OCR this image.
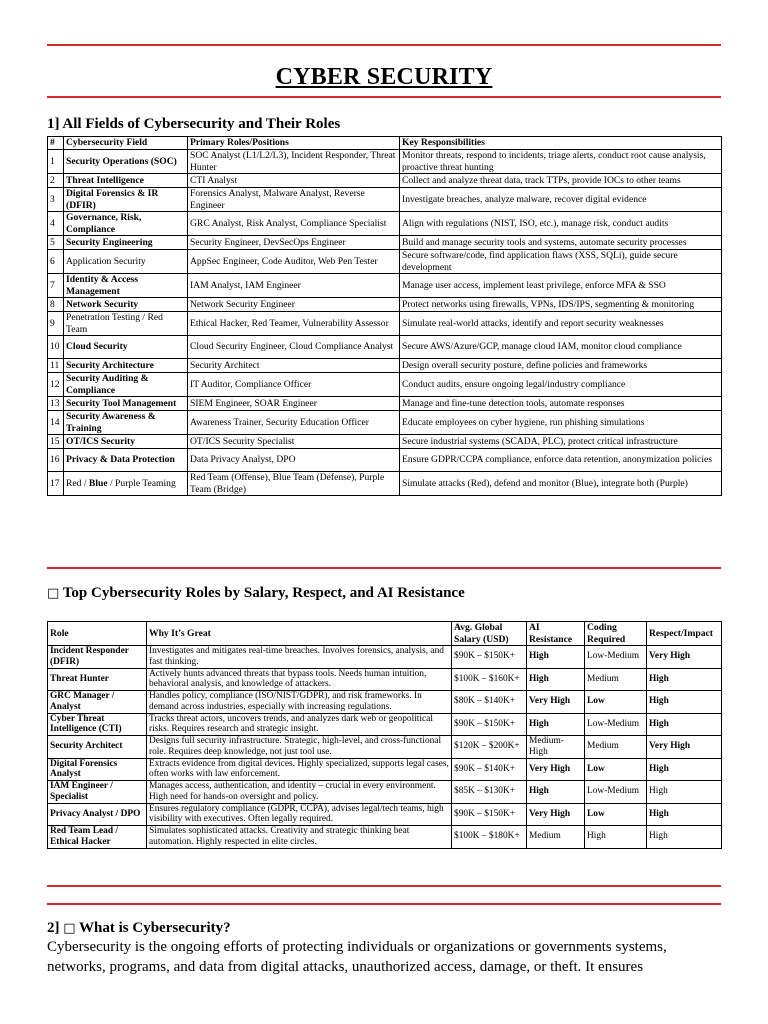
CYBER SECURITY
1] All Fields of Cybersecurity and Their Roles
#	Cybersecurity Field	Primary Roles/Positions	Key Responsibilities
1	Security Operations (SOC)	SOC Analyst (L1/L2/L3), Incident Responder, Threat Hunter	Monitor threats, respond to incidents, triage alerts, conduct root cause analysis, proactive threat hunting
2	Threat Intelligence	CTI Analyst	Collect and analyze threat data, track TTPs, provide IOCs to other teams
3	Digital Forensics & IR (DFIR)	Forensics Analyst, Malware Analyst, Reverse Engineer	Investigate breaches, analyze malware, recover digital evidence
4	Governance, Risk, Compliance	GRC Analyst, Risk Analyst, Compliance Specialist	Align with regulations (NIST, ISO, etc.), manage risk, conduct audits
5	Security Engineering	Security Engineer, DevSecOps Engineer	Build and manage security tools and systems, automate security processes
6	Application Security	AppSec Engineer, Code Auditor, Web Pen Tester	Secure software/code, find application flaws (XSS, SQLi), guide secure development
7	Identity & Access Management	IAM Analyst, IAM Engineer	Manage user access, implement least privilege, enforce MFA & SSO
8	Network Security	Network Security Engineer	Protect networks using firewalls, VPNs, IDS/IPS, segmenting & monitoring
9	Penetration Testing / Red Team	Ethical Hacker, Red Teamer, Vulnerability Assessor	Simulate real-world attacks, identify and report security weaknesses
10	Cloud Security	Cloud Security Engineer, Cloud Compliance Analyst	Secure AWS/Azure/GCP, manage cloud IAM, monitor cloud compliance
11	Security Architecture	Security Architect	Design overall security posture, define policies and frameworks
12	Security Auditing & Compliance	IT Auditor, Compliance Officer	Conduct audits, ensure ongoing legal/industry compliance
13	Security Tool Management	SIEM Engineer, SOAR Engineer	Manage and fine-tune detection tools, automate responses
14	Security Awareness & Training	Awareness Trainer, Security Education Officer	Educate employees on cyber hygiene, run phishing simulations
15	OT/ICS Security	OT/ICS Security Specialist	Secure industrial systems (SCADA, PLC), protect critical infrastructure
16	Privacy & Data Protection	Data Privacy Analyst, DPO	Ensure GDPR/CCPA compliance, enforce data retention, anonymization policies
17	Red / Blue / Purple Teaming	Red Team (Offense), Blue Team (Defense), Purple Team (Bridge)	Simulate attacks (Red), defend and monitor (Blue), integrate both (Purple)
□ Top Cybersecurity Roles by Salary, Respect, and AI Resistance
Role	Why It’s Great	Avg. Global Salary (USD)	AI Resistance	Coding Required	Respect/Impact
Incident Responder (DFIR)	Investigates and mitigates real-time breaches. Involves forensics, analysis, and fast thinking.	$90K – $150K+	High	Low-Medium	Very High
Threat Hunter	Actively hunts advanced threats that bypass tools. Needs human intuition, behavioral analysis, and knowledge of attackers.	$100K – $160K+	High	Medium	High
GRC Manager / Analyst	Handles policy, compliance (ISO/NIST/GDPR), and risk frameworks. In demand across industries, especially with increasing regulations.	$80K – $140K+	Very High	Low	High
Cyber Threat Intelligence (CTI)	Tracks threat actors, uncovers trends, and analyzes dark web or geopolitical risks. Requires research and strategic insight.	$90K – $150K+	High	Low-Medium	High
Security Architect	Designs full security infrastructure. Strategic, high-level, and cross-functional role. Requires deep knowledge, not just tool use.	$120K – $200K+	Medium-High	Medium	Very High
Digital Forensics Analyst	Extracts evidence from digital devices. Highly specialized, supports legal cases, often works with law enforcement.	$90K – $140K+	Very High	Low	High
IAM Engineer / Specialist	Manages access, authentication, and identity – crucial in every environment. High need for hands-on oversight and policy.	$85K – $130K+	High	Low-Medium	High
Privacy Analyst / DPO	Ensures regulatory compliance (GDPR, CCPA), advises legal/tech teams, high visibility with executives. Often legally required.	$90K – $150K+	Very High	Low	High
Red Team Lead / Ethical Hacker	Simulates sophisticated attacks. Creativity and strategic thinking beat automation. Highly respected in elite circles.	$100K – $180K+	Medium	High	High
2] □ What is Cybersecurity?
Cybersecurity is the ongoing efforts of protecting individuals or organizations or governments systems, networks, programs, and data from digital attacks, unauthorized access, damage, or theft. It ensures
